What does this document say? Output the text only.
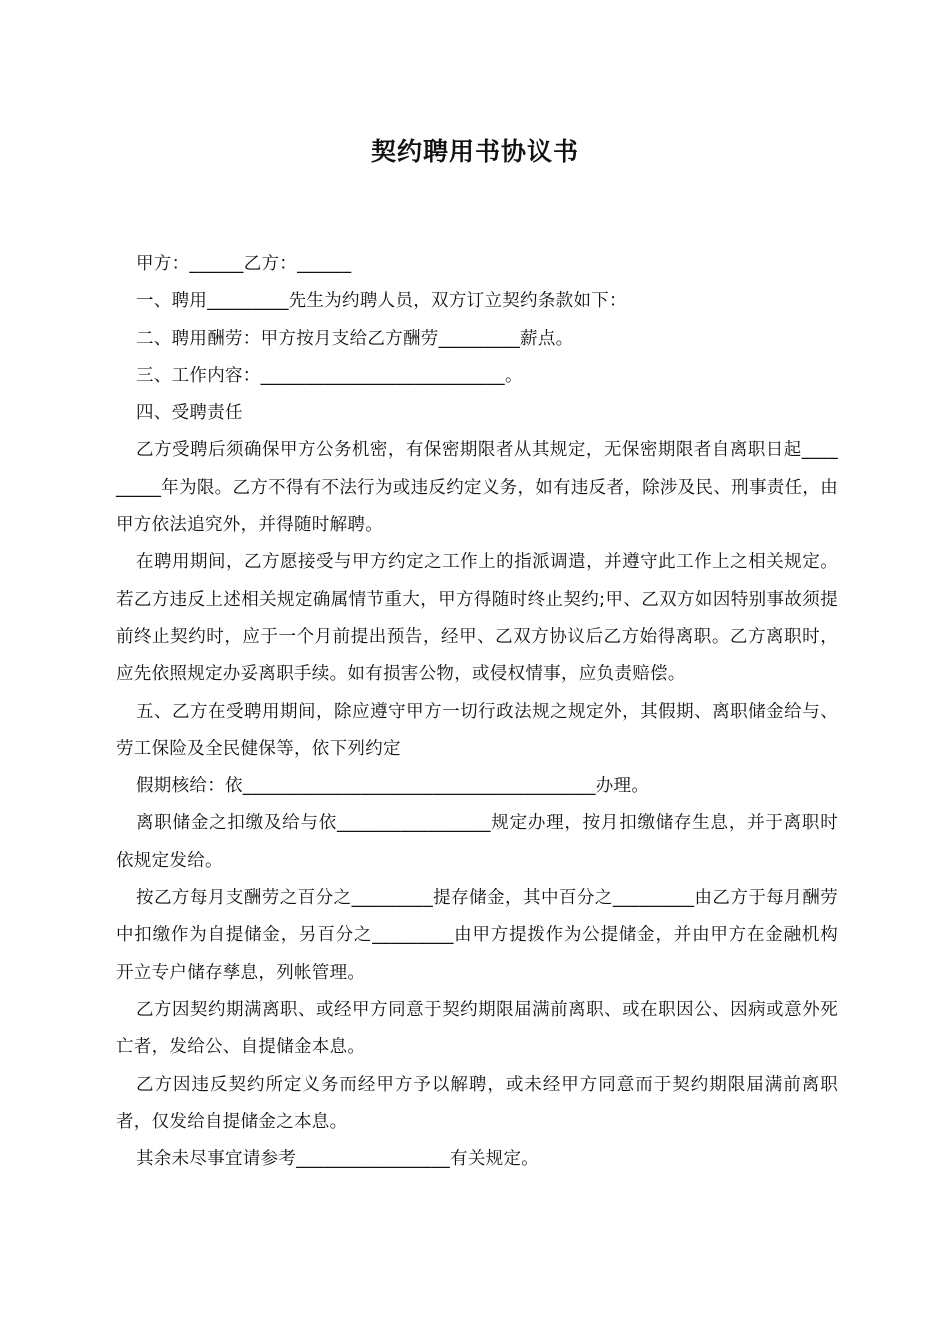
契约聘用书协议书

甲方：______乙方：______

一、聘用_________先生为约聘人员，双方订立契约条款如下：

二、聘用酬劳：甲方按月支给乙方酬劳_________薪点。

三、工作内容：___________________________。

四、受聘责任

乙方受聘后须确保甲方公务机密，有保密期限者从其规定，无保密期限者自离职日起_________年为限。乙方不得有不法行为或违反约定义务，如有违反者，除涉及民、刑事责任，由甲方依法追究外，并得随时解聘。

在聘用期间，乙方愿接受与甲方约定之工作上的指派调遣，并遵守此工作上之相关规定。若乙方违反上述相关规定确属情节重大，甲方得随时终止契约;甲、乙双方如因特别事故须提前终止契约时，应于一个月前提出预告，经甲、乙双方协议后乙方始得离职。乙方离职时，应先依照规定办妥离职手续。如有损害公物，或侵权情事，应负责赔偿。

五、乙方在受聘用期间，除应遵守甲方一切行政法规之规定外，其假期、离职储金给与、劳工保险及全民健保等，依下列约定

假期核给：依_______________________________________办理。

离职储金之扣缴及给与依_________________规定办理，按月扣缴储存生息，并于离职时依规定发给。

按乙方每月支酬劳之百分之_________提存储金，其中百分之_________由乙方于每月酬劳中扣缴作为自提储金，另百分之_________由甲方提拨作为公提储金，并由甲方在金融机构开立专户储存孳息，列帐管理。

乙方因契约期满离职、或经甲方同意于契约期限届满前离职、或在职因公、因病或意外死亡者，发给公、自提储金本息。

乙方因违反契约所定义务而经甲方予以解聘，或未经甲方同意而于契约期限届满前离职者，仅发给自提储金之本息。

其余未尽事宜请参考_________________有关规定。
